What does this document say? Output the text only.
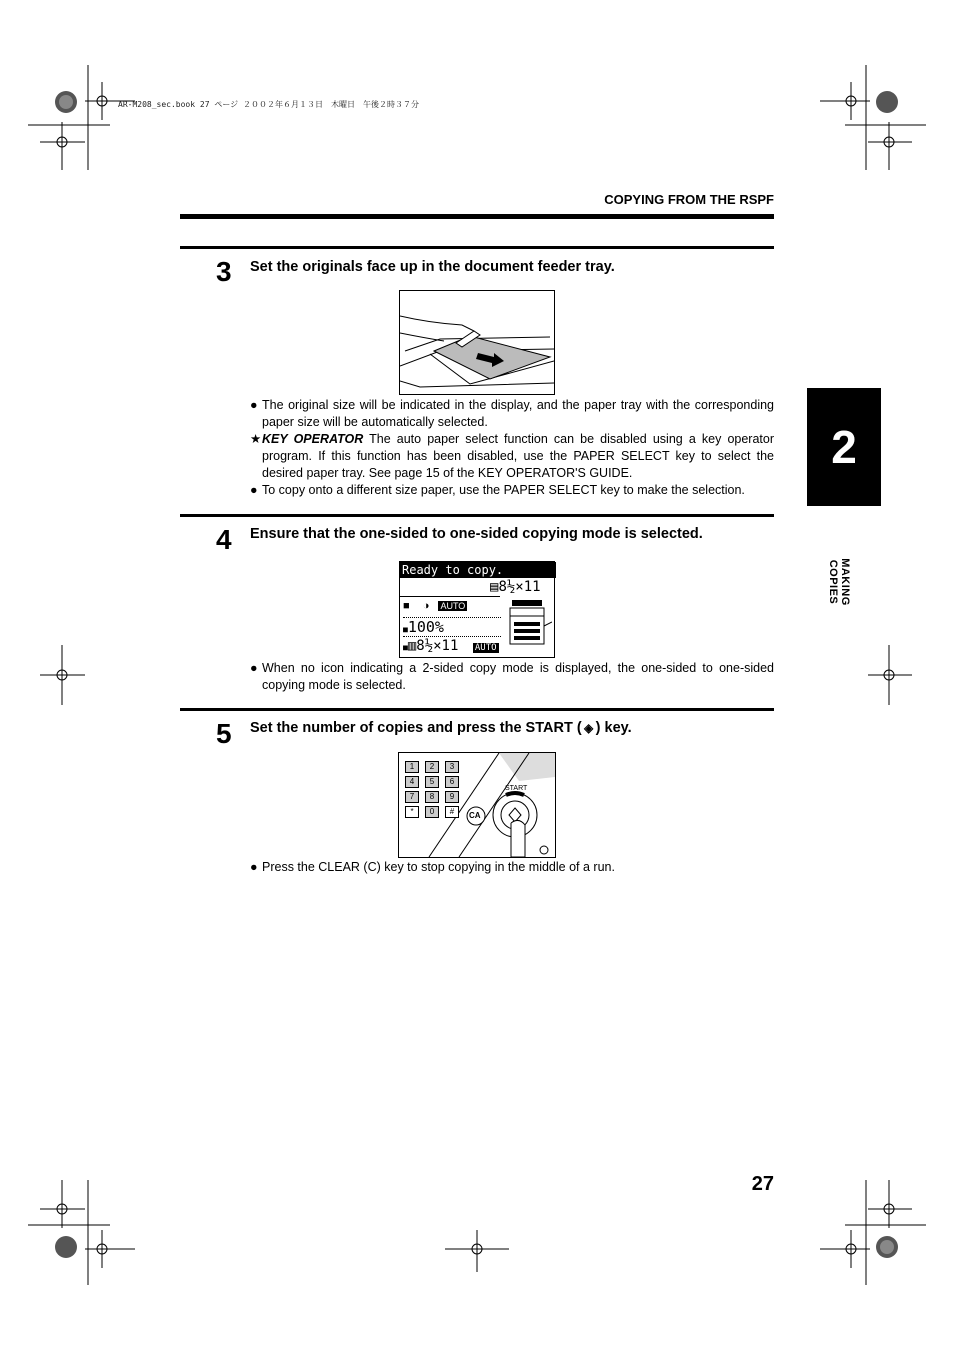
AR-M208_sec.book 27 ページ ２００２年６月１３日　木曜日　午後２時３７分
COPYING FROM THE RSPF
2
MAKING COPIES
3 Set the originals face up in the document feeder tray.
● The original size will be indicated in the display, and the paper tray with the corresponding paper size will be automatically selected.
★ KEY OPERATOR The auto paper select function can be disabled using a key operator program. If this function has been disabled, use the PAPER SELECT key to select the desired paper tray. See page 15 of the KEY OPERATOR'S GUIDE.
● To copy onto a different size paper, use the PAPER SELECT key to make the selection.
4 Ensure that the one-sided to one-sided copying mode is selected.
Ready to copy.
▤8½×11
■ ◑ AUTO
■100%
■▥8½×11 AUTO
● When no icon indicating a 2-sided copy mode is displayed, the one-sided to one-sided copying mode is selected.
5 Set the number of copies and press the START ( ◈ ) key.
1	2	3
4	5	6
7	8	9
*	0	#
START
CA
● Press the CLEAR (C) key to stop copying in the middle of a run.
27
